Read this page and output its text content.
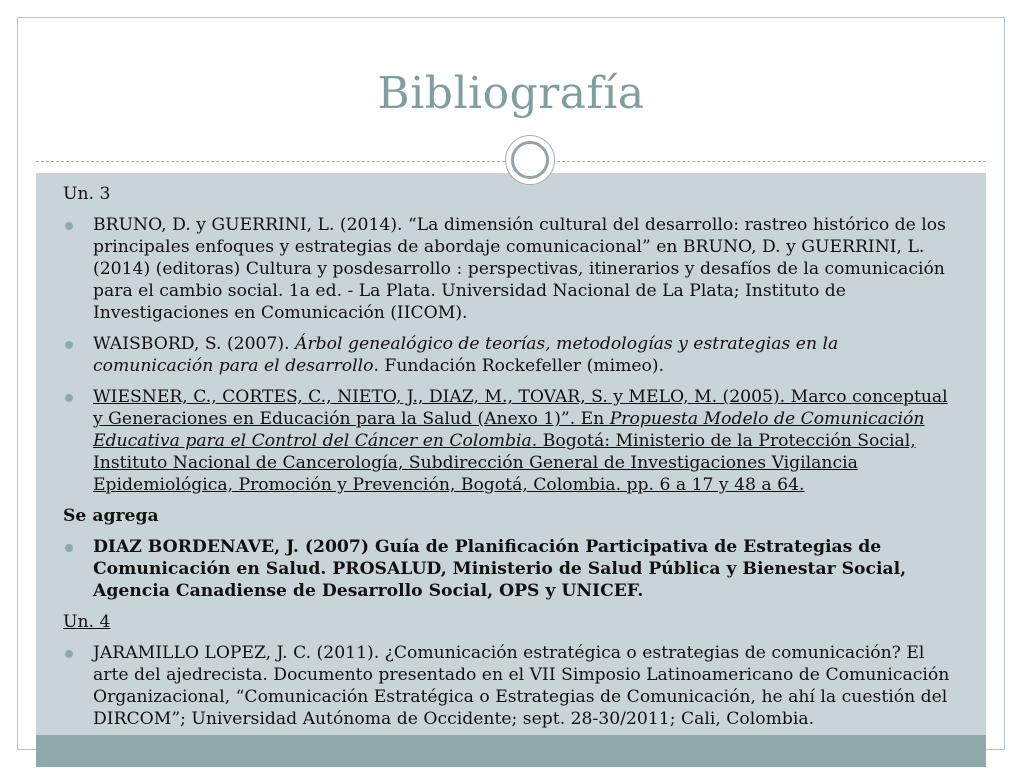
Bibliografía

Un. 3

BRUNO, D. y GUERRINI, L. (2014). “La dimensión cultural del desarrollo: rastreo histórico de los principales enfoques y estrategias de abordaje comunicacional” en BRUNO, D. y GUERRINI, L. (2014) (editoras) Cultura y posdesarrollo : perspectivas, itinerarios y desafíos de la comunicación para el cambio social. 1a ed. - La Plata. Universidad Nacional de La Plata; Instituto de Investigaciones en Comunicación (IICOM).
WAISBORD, S. (2007). Árbol genealógico de teorías, metodologías y estrategias en la comunicación para el desarrollo. Fundación Rockefeller (mimeo).
WIESNER, C., CORTES, C., NIETO, J., DIAZ, M., TOVAR, S. y MELO, M. (2005). Marco conceptual y Generaciones en Educación para la Salud (Anexo 1)”. En Propuesta Modelo de Comunicación Educativa para el Control del Cáncer en Colombia. Bogotá: Ministerio de la Protección Social, Instituto Nacional de Cancerología, Subdirección General de Investigaciones Vigilancia Epidemiológica, Promoción y Prevención, Bogotá, Colombia. pp. 6 a 17 y 48 a 64.

Se agrega

DIAZ BORDENAVE, J. (2007) Guía de Planificación Participativa de Estrategias de Comunicación en Salud. PROSALUD, Ministerio de Salud Pública y Bienestar Social, Agencia Canadiense de Desarrollo Social, OPS y UNICEF.

Un. 4

JARAMILLO LOPEZ, J. C. (2011). ¿Comunicación estratégica o estrategias de comunicación? El arte del ajedrecista. Documento presentado en el VII Simposio Latinoamericano de Comunicación Organizacional, “Comunicación Estratégica o Estrategias de Comunicación, he ahí la cuestión del DIRCOM”; Universidad Autónoma de Occidente; sept. 28-30/2011; Cali, Colombia.
